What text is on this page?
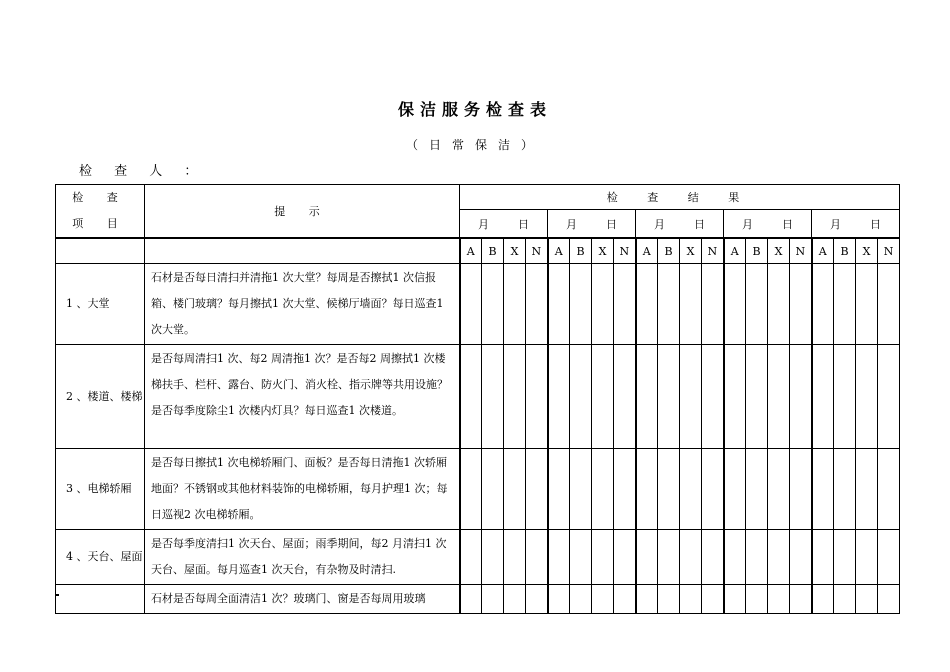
保洁服务检查表
（日常保洁）
检 查 人 ：
检 查 项 目	提 示	检 查 结 果																			
		月 日				月 日				月 日				月 日				月 日			
		A	B	X	N	A	B	X	N	A	B	X	N	A	B	X	N	A	B	X	N
1 、大堂	石材是否每日清扫并清拖1 次大堂？每周是否擦拭1 次信报箱、楼门玻璃？每月擦拭1 次大堂、候梯厅墙面？每日巡查1 次大堂。																				
2 、楼道、楼梯	是否每周清扫1 次、每2 周清拖1 次？是否每2 周擦拭1 次楼梯扶手、栏杆、露台、防火门、消火栓、指示牌等共用设施？是否每季度除尘1 次楼内灯具？每日巡查1 次楼道。																				
3 、电梯轿厢	是否每日擦拭1 次电梯轿厢门、面板？是否每日清拖1 次轿厢地面？不锈钢或其他材料装饰的电梯轿厢，每月护理1 次；每日巡视2 次电梯轿厢。																				
4 、天台、屋面	是否每季度清扫1 次天台、屋面；雨季期间，每2 月清扫1 次天台、屋面。每月巡查1 次天台，有杂物及时清扫.																				
	石材是否每周全面清洁1 次？玻璃门、窗是否每周用玻璃																				
